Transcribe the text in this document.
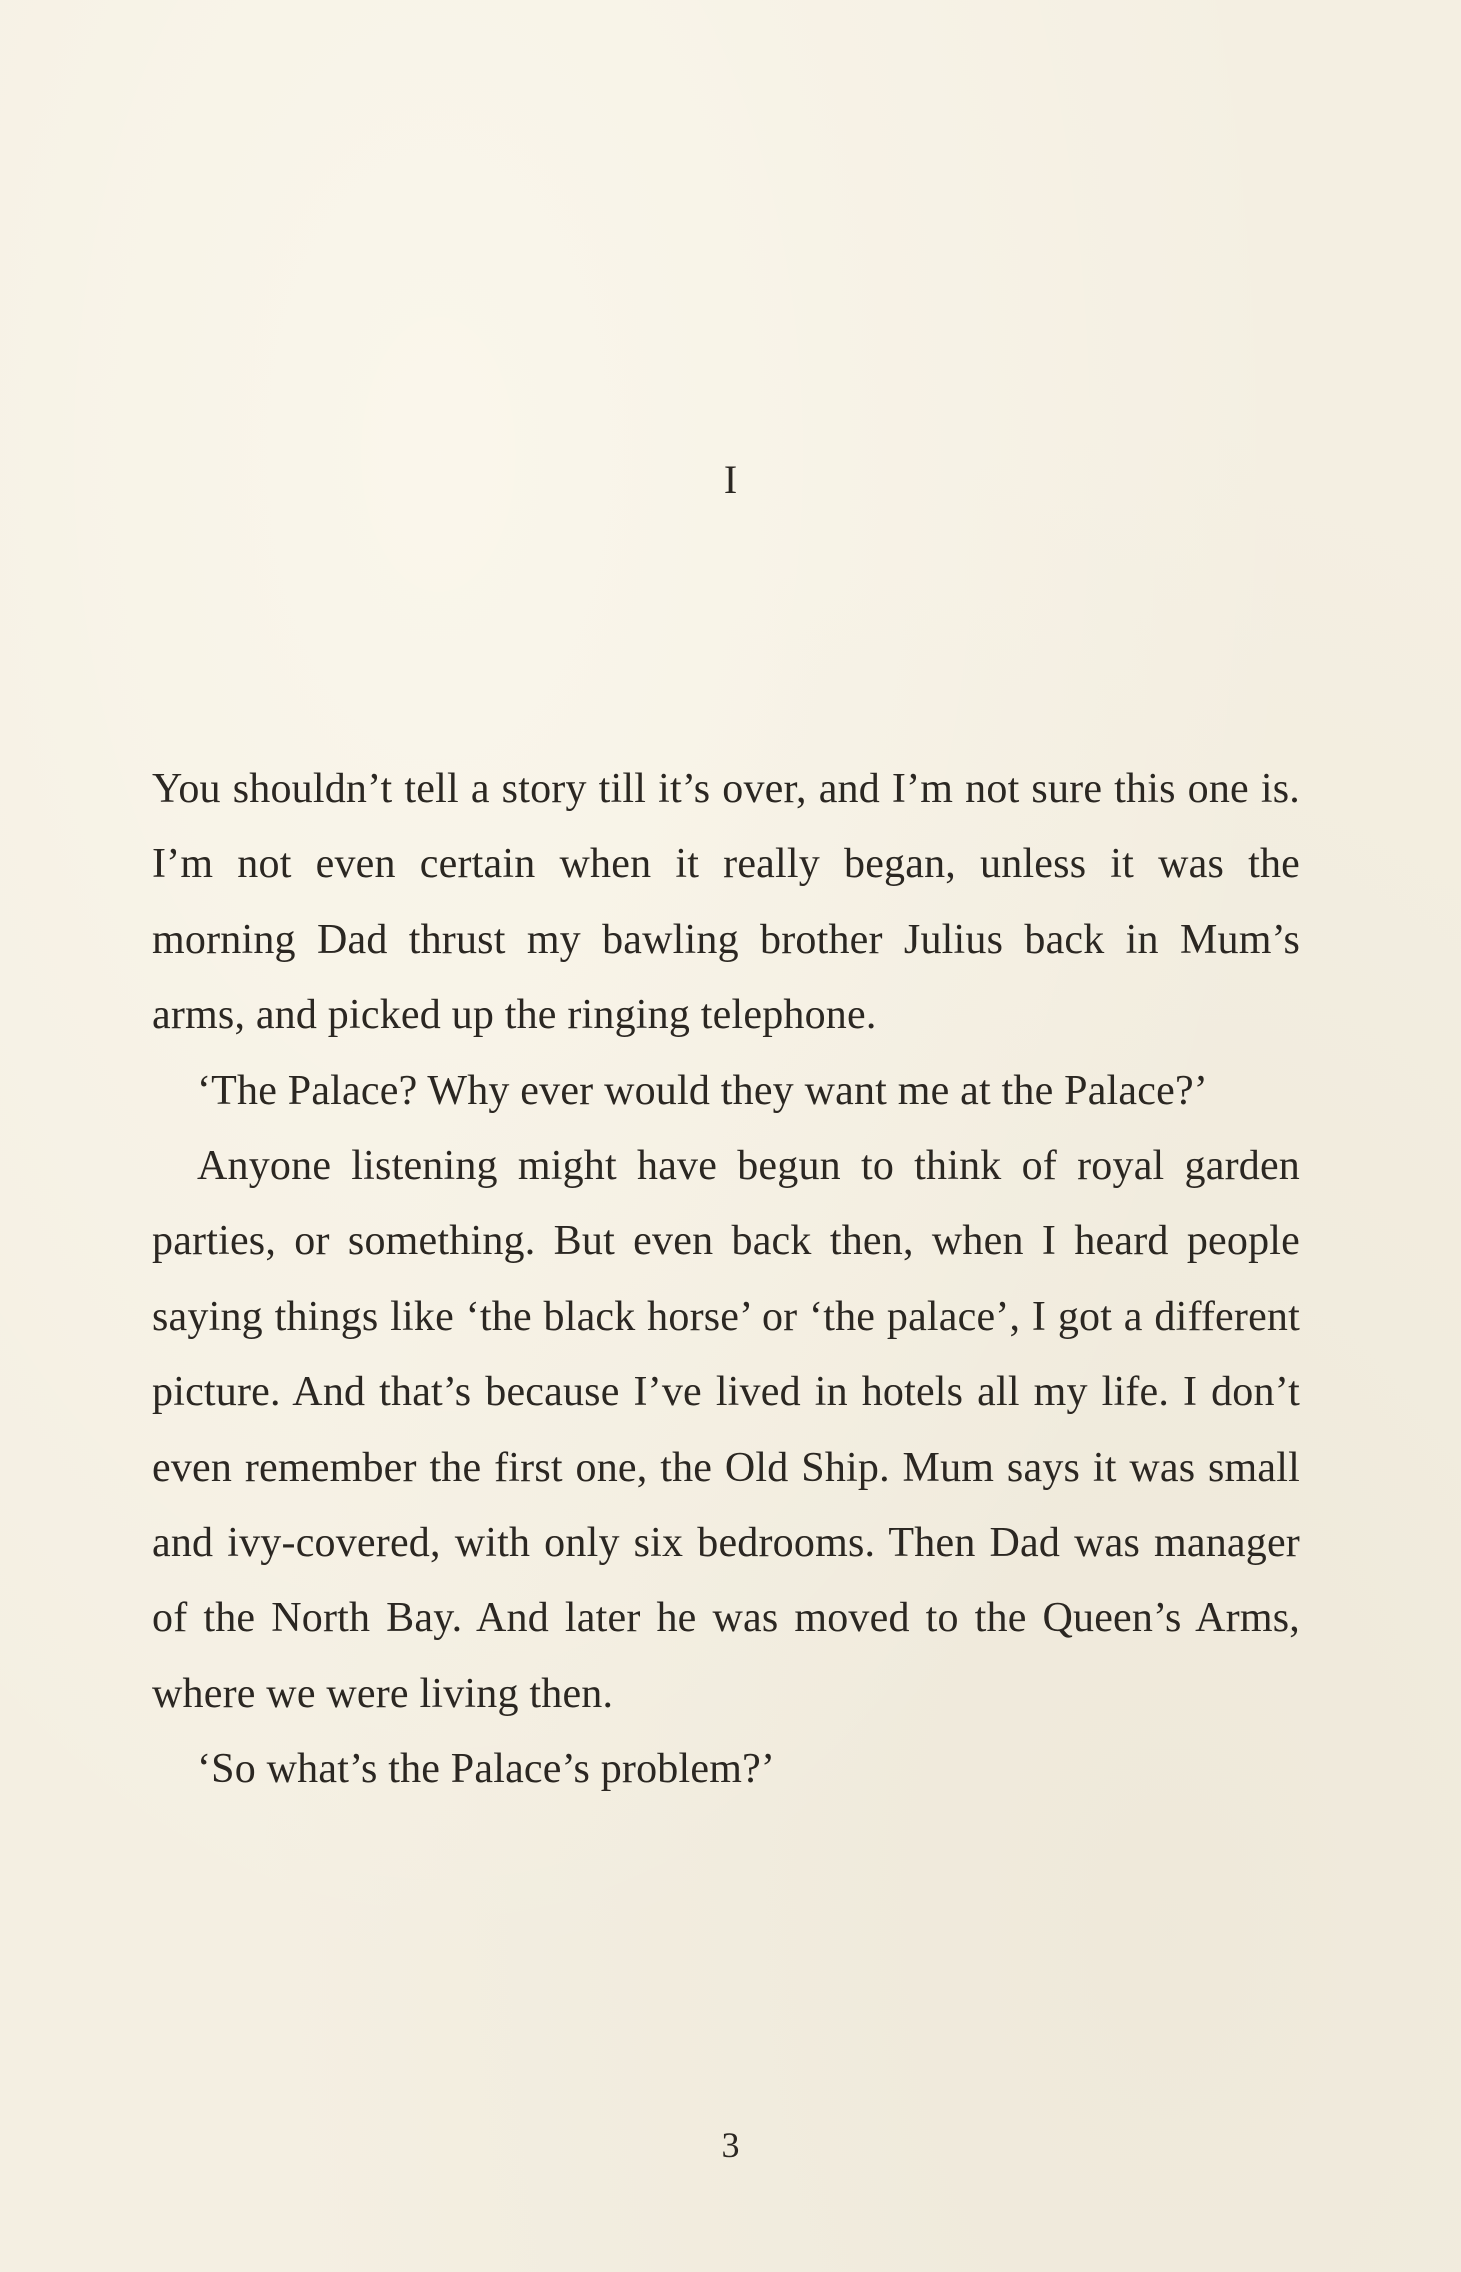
I

You shouldn’t tell a story till it’s over, and I’m not sure this one is. I’m not even certain when it really began, unless it was the morning Dad thrust my bawling brother Julius back in Mum’s arms, and picked up the ringing telephone.

‘The Palace? Why ever would they want me at the Palace?’

Anyone listening might have begun to think of royal garden parties, or something. But even back then, when I heard people saying things like ‘the black horse’ or ‘the palace’, I got a different picture. And that’s because I’ve lived in hotels all my life. I don’t even remember the first one, the Old Ship. Mum says it was small and ivy-covered, with only six bedrooms. Then Dad was manager of the North Bay. And later he was moved to the Queen’s Arms, where we were living then.

‘So what’s the Palace’s problem?’

3
